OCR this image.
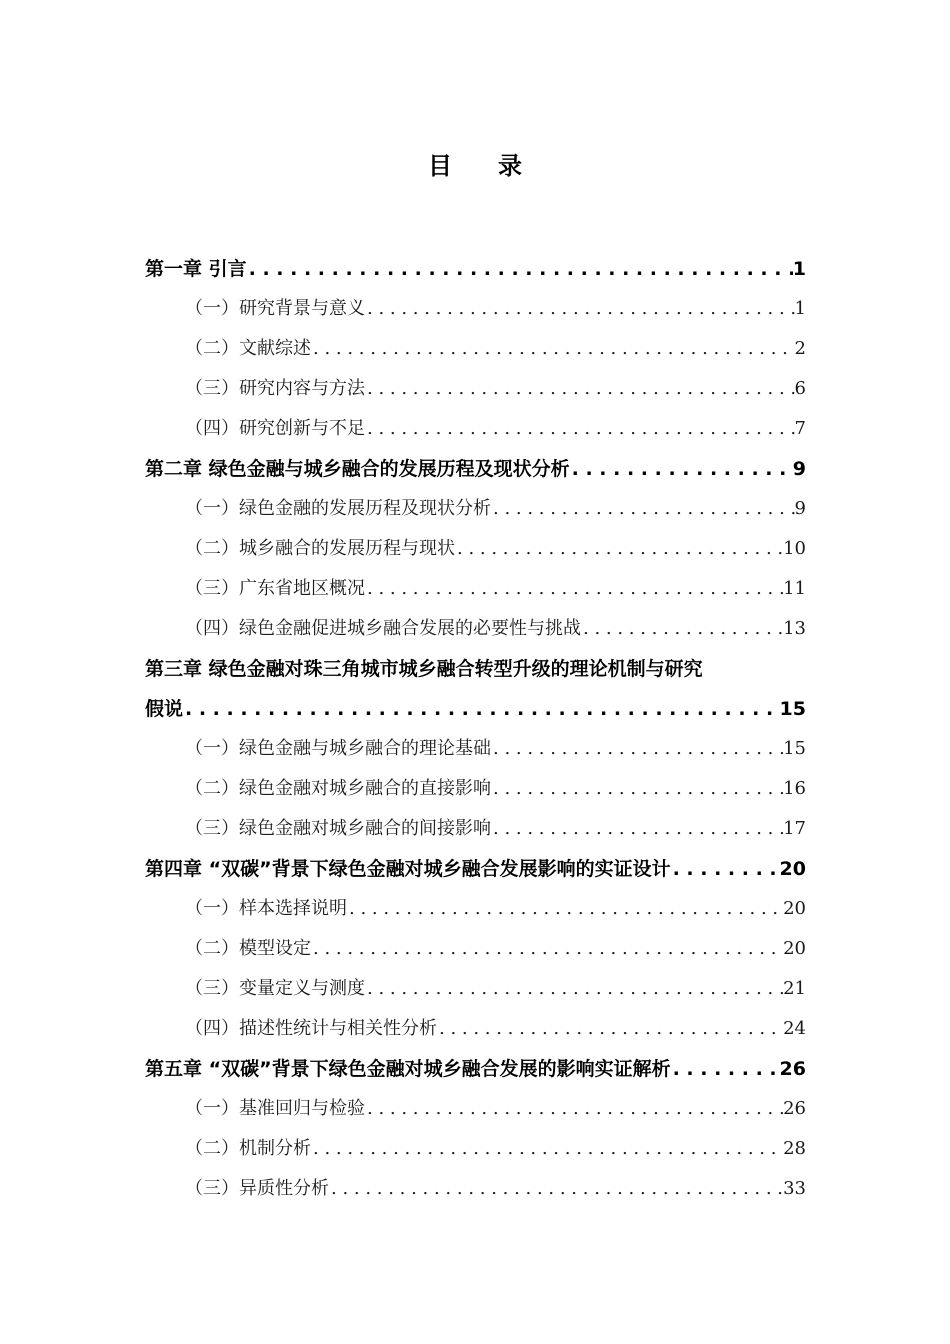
目录
第一章 引言 . . .	1
（一）研究背景与意义 . . .	1
（二）文献综述 . . .	2
（三）研究内容与方法 . . .	6
（四）研究创新与不足 . . .	7
第二章 绿色金融与城乡融合的发展历程及现状分析 . . .	9
（一）绿色金融的发展历程及现状分析 . . .	9
（二）城乡融合的发展历程与现状 . . .	10
（三）广东省地区概况 . . .	11
（四）绿色金融促进城乡融合发展的必要性与挑战 . . .	13
第三章 绿色金融对珠三角城市城乡融合转型升级的理论机制与研究
假说 . . .	15
（一）绿色金融与城乡融合的理论基础 . . .	15
（二）绿色金融对城乡融合的直接影响 . . .	16
（三）绿色金融对城乡融合的间接影响 . . .	17
第四章 “双碳”背景下绿色金融对城乡融合发展影响的实证设计 . . .	20
（一）样本选择说明 . . .	20
（二）模型设定 . . .	20
（三）变量定义与测度 . . .	21
（四）描述性统计与相关性分析 . . .	24
第五章 “双碳”背景下绿色金融对城乡融合发展的影响实证解析 . . .	26
（一）基准回归与检验 . . .	26
（二）机制分析 . . .	28
（三）异质性分析 . . .	33
